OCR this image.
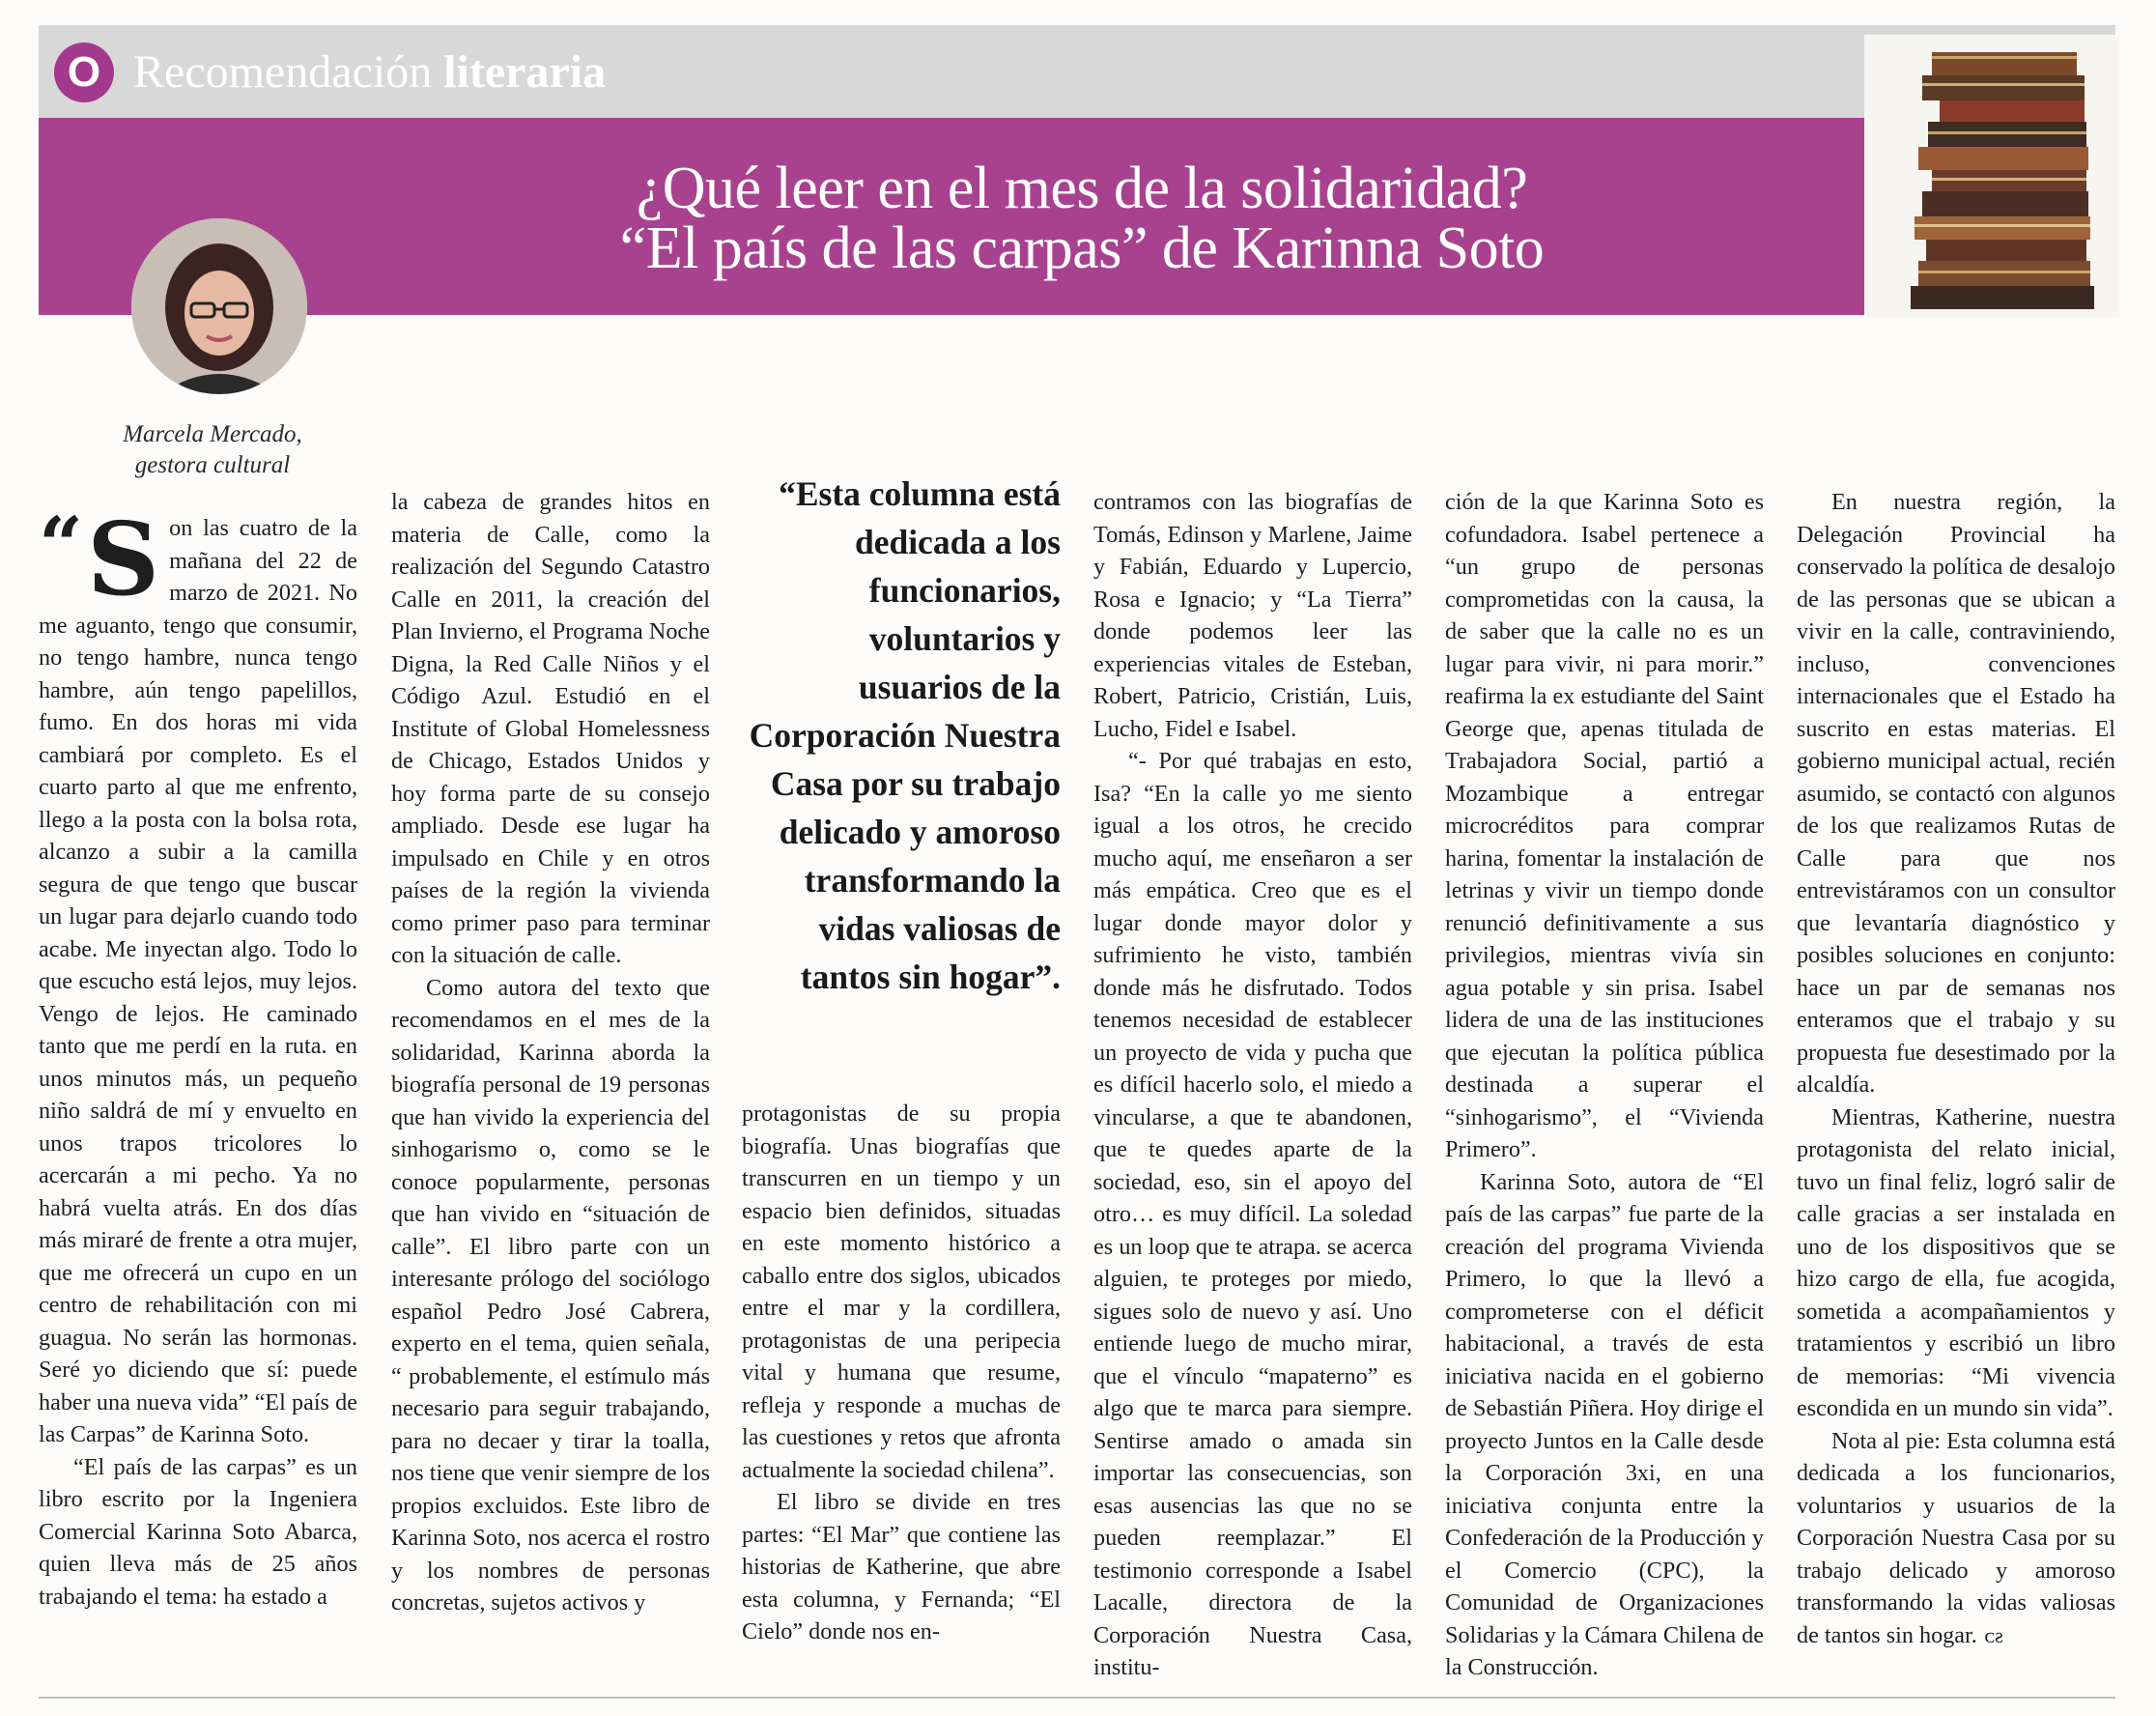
O Recomendación literaria
¿Qué leer en el mes de la solidaridad?
“El país de las carpas” de Karinna Soto
Marcela Mercado,
gestora cultural
“ S on las cuatro de la mañana del 22 de marzo de 2021. No me aguanto, tengo que consumir, no tengo hambre, nunca tengo hambre, aún tengo papelillos, fumo. En dos horas mi vida cambiará por completo. Es el cuarto parto al que me enfrento, llego a la posta con la bolsa rota, alcanzo a subir a la camilla segura de que tengo que buscar un lugar para dejarlo cuando todo acabe. Me inyectan algo. Todo lo que escucho está lejos, muy lejos. Vengo de lejos. He caminado tanto que me perdí en la ruta. en unos minutos más, un pequeño niño saldrá de mí y envuelto en unos trapos tricolores lo acercarán a mi pecho. Ya no habrá vuelta atrás. En dos días más miraré de frente a otra mujer, que me ofrecerá un cupo en un centro de rehabilitación con mi guagua. No serán las hormonas. Seré yo diciendo que sí: puede haber una nueva vida” “El país de las Carpas” de Karinna Soto.

“El país de las carpas” es un libro escrito por la Ingeniera Comercial Karinna Soto Abarca, quien lleva más de 25 años trabajando el tema: ha estado a

la cabeza de grandes hitos en materia de Calle, como la realización del Segundo Catastro Calle en 2011, la creación del Plan Invierno, el Programa Noche Digna, la Red Calle Niños y el Código Azul. Estudió en el Institute of Global Homelessness de Chicago, Estados Unidos y hoy forma parte de su consejo ampliado. Desde ese lugar ha impulsado en Chile y en otros países de la región la vivienda como primer paso para terminar con la situación de calle.

Como autora del texto que recomendamos en el mes de la solidaridad, Karinna aborda la biografía personal de 19 personas que han vivido la experiencia del sinhogarismo o, como se le conoce popularmente, personas que han vivido en “situación de calle”. El libro parte con un interesante prólogo del sociólogo español Pedro José Cabrera, experto en el tema, quien señala, “ probablemente, el estímulo más necesario para seguir trabajando, para no decaer y tirar la toalla, nos tiene que venir siempre de los propios excluidos. Este libro de Karinna Soto, nos acerca el rostro y los nombres de personas concretas, sujetos activos y

“Esta columna está dedicada a los funcionarios, voluntarios y usuarios de la Corporación Nuestra Casa por su trabajo delicado y amoroso transformando la vidas valiosas de tantos sin hogar”.

protagonistas de su propia biografía. Unas biografías que transcurren en un tiempo y un espacio bien definidos, situadas en este momento histórico a caballo entre dos siglos, ubicados entre el mar y la cordillera, protagonistas de una peripecia vital y humana que resume, refleja y responde a muchas de las cuestiones y retos que afronta actualmente la sociedad chilena”.

El libro se divide en tres partes: “El Mar” que contiene las historias de Katherine, que abre esta columna, y Fernanda; “El Cielo” donde nos en-

contramos con las biografías de Tomás, Edinson y Marlene, Jaime y Fabián, Eduardo y Lupercio, Rosa e Ignacio; y “La Tierra” donde podemos leer las experiencias vitales de Esteban, Robert, Patricio, Cristián, Luis, Lucho, Fidel e Isabel.

“- Por qué trabajas en esto, Isa? “En la calle yo me siento igual a los otros, he crecido mucho aquí, me enseñaron a ser más empática. Creo que es el lugar donde mayor dolor y sufrimiento he visto, también donde más he disfrutado. Todos tenemos necesidad de establecer un proyecto de vida y pucha que es difícil hacerlo solo, el miedo a vincularse, a que te abandonen, que te quedes aparte de la sociedad, eso, sin el apoyo del otro… es muy difícil. La soledad es un loop que te atrapa. se acerca alguien, te proteges por miedo, sigues solo de nuevo y así. Uno entiende luego de mucho mirar, que el vínculo “mapaterno” es algo que te marca para siempre. Sentirse amado o amada sin importar las consecuencias, son esas ausencias las que no se pueden reemplazar.” El testimonio corresponde a Isabel Lacalle, directora de la Corporación Nuestra Casa, institu-

ción de la que Karinna Soto es cofundadora. Isabel pertenece a “un grupo de personas comprometidas con la causa, la de saber que la calle no es un lugar para vivir, ni para morir.” reafirma la ex estudiante del Saint George que, apenas titulada de Trabajadora Social, partió a Mozambique a entregar microcréditos para comprar harina, fomentar la instalación de letrinas y vivir un tiempo donde renunció definitivamente a sus privilegios, mientras vivía sin agua potable y sin prisa. Isabel lidera de una de las instituciones que ejecutan la política pública destinada a superar el “sinhogarismo”, el “Vivienda Primero”.

Karinna Soto, autora de “El país de las carpas” fue parte de la creación del programa Vivienda Primero, lo que la llevó a comprometerse con el déficit habitacional, a través de esta iniciativa nacida en el gobierno de Sebastián Piñera. Hoy dirige el proyecto Juntos en la Calle desde la Corporación 3xi, en una iniciativa conjunta entre la Confederación de la Producción y el Comercio (CPC), la Comunidad de Organizaciones Solidarias y la Cámara Chilena de la Construcción.

En nuestra región, la Delegación Provincial ha conservado la política de desalojo de las personas que se ubican a vivir en la calle, contraviniendo, incluso, convenciones internacionales que el Estado ha suscrito en estas materias. El gobierno municipal actual, recién asumido, se contactó con algunos de los que realizamos Rutas de Calle para que nos entrevistáramos con un consultor que levantaría diagnóstico y posibles soluciones en conjunto: hace un par de semanas nos enteramos que el trabajo y su propuesta fue desestimado por la alcaldía.

Mientras, Katherine, nuestra protagonista del relato inicial, tuvo un final feliz, logró salir de calle gracias a ser instalada en uno de los dispositivos que se hizo cargo de ella, fue acogida, sometida a acompañamientos y tratamientos y escribió un libro de memorias: “Mi vivencia escondida en un mundo sin vida”.

Nota al pie: Esta columna está dedicada a los funcionarios, voluntarios y usuarios de la Corporación Nuestra Casa por su trabajo delicado y amoroso transformando la vidas valiosas de tantos sin hogar. ᴄƨ
